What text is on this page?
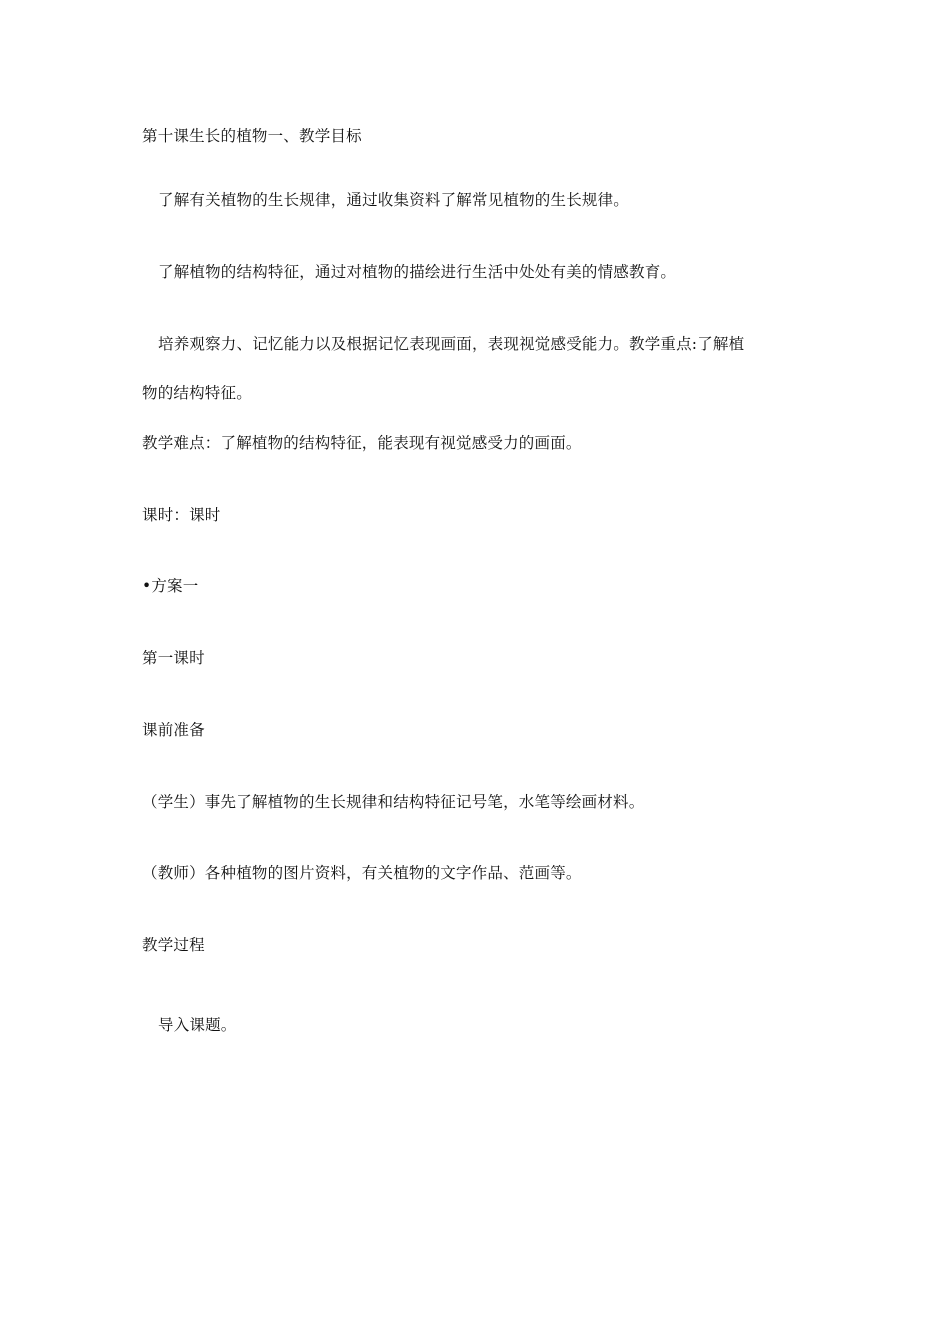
第十课生长的植物一、教学目标
了解有关植物的生长规律，通过收集资料了解常见植物的生长规律。
了解植物的结构特征，通过对植物的描绘进行生活中处处有美的情感教育。
培养观察力、记忆能力以及根据记忆表现画面，表现视觉感受能力。教学重点:了解植
物的结构特征。
教学难点：了解植物的结构特征，能表现有视觉感受力的画面。
课时：课时
•方案一
第一课时
课前准备
（学生）事先了解植物的生长规律和结构特征记号笔，水笔等绘画材料。
（教师）各种植物的图片资料，有关植物的文字作品、范画等。
教学过程
导入课题。
